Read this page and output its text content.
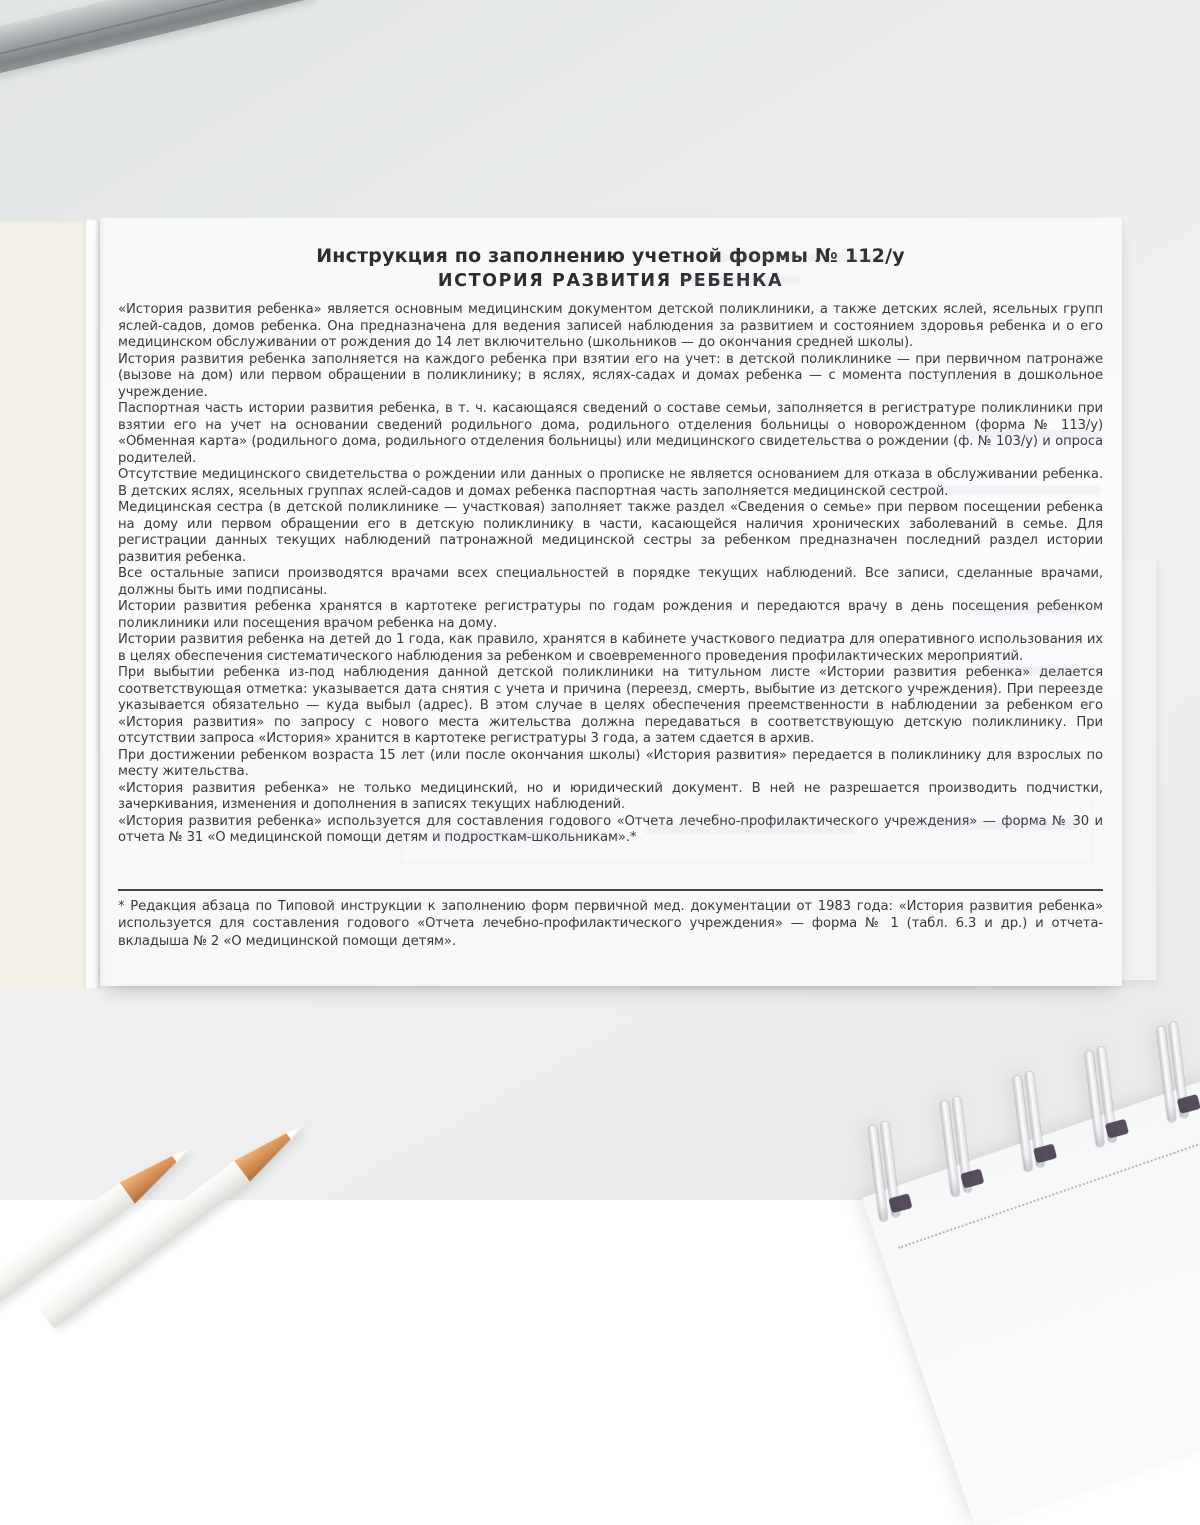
Инструкция по заполнению учетной формы № 112/у
ИСТОРИЯ РАЗВИТИЯ РЕБЕНКА

«История развития ребенка» является основным медицинским документом детской поликлиники, а также детских яслей, ясельных групп яслей-садов, домов ребенка. Она предназначена для ведения записей наблюдения за развитием и состоянием здоровья ребенка и о его медицинском обслуживании от рождения до 14 лет включительно (школьников — до окончания средней школы).

История развития ребенка заполняется на каждого ребенка при взятии его на учет: в детской поликлинике — при первичном патронаже (вызове на дом) или первом обращении в поликлинику; в яслях, яслях-садах и домах ребенка — с момента поступления в дошкольное учреждение.

Паспортная часть истории развития ребенка, в т. ч. касающаяся сведений о составе семьи, заполняется в регистратуре поликлиники при взятии его на учет на основании сведений родильного дома, родильного отделения больницы о новорожденном (форма № 113/у) «Обменная карта» (родильного дома, родильного отделения больницы) или медицинского свидетельства о рождении (ф. № 103/у) и опроса родителей.

Отсутствие медицинского свидетельства о рождении или данных о прописке не является основанием для отказа в обслуживании ребенка. В детских яслях, ясельных группах яслей-садов и домах ребенка паспортная часть заполняется медицинской сестрой.

Медицинская сестра (в детской поликлинике — участковая) заполняет также раздел «Сведения о семье» при первом посещении ребенка на дому или первом обращении его в детскую поликлинику в части, касающейся наличия хронических заболеваний в семье. Для регистрации данных текущих наблюдений патронажной медицинской сестры за ребенком предназначен последний раздел истории развития ребенка.

Все остальные записи производятся врачами всех специальностей в порядке текущих наблюдений. Все записи, сделанные врачами, должны быть ими подписаны.

Истории развития ребенка хранятся в картотеке регистратуры по годам рождения и передаются врачу в день посещения ребенком поликлиники или посещения врачом ребенка на дому.

Истории развития ребенка на детей до 1 года, как правило, хранятся в кабинете участкового педиатра для оперативного использования их в целях обеспечения систематического наблюдения за ребенком и своевременного проведения профилактических мероприятий.

При выбытии ребенка из-под наблюдения данной детской поликлиники на титульном листе «Истории развития ребенка» делается соответствующая отметка: указывается дата снятия с учета и причина (переезд, смерть, выбытие из детского учреждения). При переезде указывается обязательно — куда выбыл (адрес). В этом случае в целях обеспечения преемственности в наблюдении за ребенком его «История развития» по запросу с нового места жительства должна передаваться в соответствующую детскую поликлинику. При отсутствии запроса «История» хранится в картотеке регистратуры 3 года, а затем сдается в архив.

При достижении ребенком возраста 15 лет (или после окончания школы) «История развития» передается в поликлинику для взрослых по месту жительства.

«История развития ребенка» не только медицинский, но и юридический документ. В ней не разрешается производить подчистки, зачеркивания, изменения и дополнения в записях текущих наблюдений.

«История развития ребенка» используется для составления годового «Отчета лечебно-профилактического учреждения» — форма № 30 и отчета № 31 «О медицинской помощи детям и подросткам-школьникам».*

* Редакция абзаца по Типовой инструкции к заполнению форм первичной мед. документации от 1983 года: «История развития ребенка» используется для составления годового «Отчета лечебно-профилактического учреждения» — форма № 1 (табл. 6.3 и др.) и отчета-вкладыша № 2 «О медицинской помощи детям».
